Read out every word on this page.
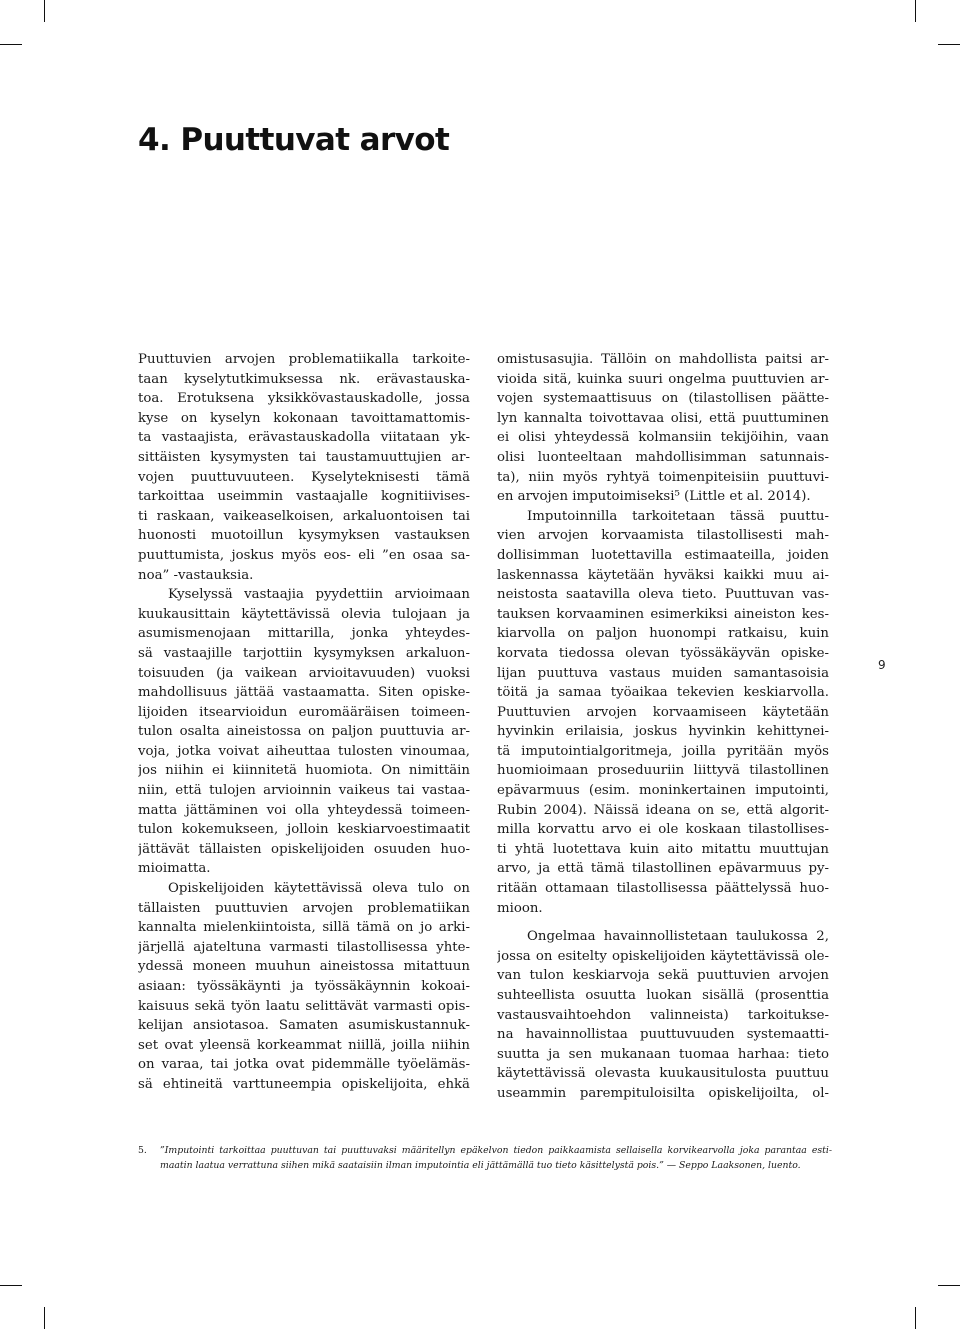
4. Puuttuvat arvot
Puuttuvien arvojen problematiikalla tarkoite-
taan kyselytutkimuksessa nk. erävastauska-
toa. Erotuksena yksikkövastauskadolle, jossa
kyse on kyselyn kokonaan tavoittamattomis-
ta vastaajista, erävastauskadolla viitataan yk-
sittäisten kysymysten tai taustamuuttujien ar-
vojen puuttuvuuteen. Kyselyteknisesti tämä
tarkoittaa useimmin vastaajalle kognitiivises-
ti raskaan, vaikeaselkoisen, arkaluontoisen tai
huonosti muotoillun kysymyksen vastauksen
puuttumista, joskus myös eos- eli ”en osaa sa-
noa” -vastauksia.
Kyselyssä vastaajia pyydettiin arvioimaan
kuukausittain käytettävissä olevia tulojaan ja
asumismenojaan mittarilla, jonka yhteydes-
sä vastaajille tarjottiin kysymyksen arkaluon-
toisuuden (ja vaikean arvioitavuuden) vuoksi
mahdollisuus jättää vastaamatta. Siten opiske-
lijoiden itsearvioidun euromääräisen toimeen-
tulon osalta aineistossa on paljon puuttuvia ar-
voja, jotka voivat aiheuttaa tulosten vinoumaa,
jos niihin ei kiinnitetä huomiota. On nimittäin
niin, että tulojen arvioinnin vaikeus tai vastaa-
matta jättäminen voi olla yhteydessä toimeen-
tulon kokemukseen, jolloin keskiarvoestimaatit
jättävät tällaisten opiskelijoiden osuuden huo-
mioimatta.
Opiskelijoiden käytettävissä oleva tulo on
tällaisten puuttuvien arvojen problematiikan
kannalta mielenkiintoista, sillä tämä on jo arki-
järjellä ajateltuna varmasti tilastollisessa yhte-
ydessä moneen muuhun aineistossa mitattuun
asiaan: työssäkäynti ja työssäkäynnin kokoai-
kaisuus sekä työn laatu selittävät varmasti opis-
kelijan ansiotasoa. Samaten asumiskustannuk-
set ovat yleensä korkeammat niillä, joilla niihin
on varaa, tai jotka ovat pidemmälle työelämäs-
sä ehtineitä varttuneempia opiskelijoita, ehkä
omistusasujia. Tällöin on mahdollista paitsi ar-
vioida sitä, kuinka suuri ongelma puuttuvien ar-
vojen systemaattisuus on (tilastollisen päätte-
lyn kannalta toivottavaa olisi, että puuttuminen
ei olisi yhteydessä kolmansiin tekijöihin, vaan
olisi luonteeltaan mahdollisimman satunnais-
ta), niin myös ryhtyä toimenpiteisiin puuttuvi-
en arvojen imputoimiseksi⁵ (Little et al. 2014).
Imputoinnilla tarkoitetaan tässä puuttu-
vien arvojen korvaamista tilastollisesti mah-
dollisimman luotettavilla estimaateilla, joiden
laskennassa käytetään hyväksi kaikki muu ai-
neistosta saatavilla oleva tieto. Puuttuvan vas-
tauksen korvaaminen esimerkiksi aineiston kes-
kiarvolla on paljon huonompi ratkaisu, kuin
korvata tiedossa olevan työssäkäyvän opiske-
lijan puuttuva vastaus muiden samantasoisia
töitä ja samaa työaikaa tekevien keskiarvolla.
Puuttuvien arvojen korvaamiseen käytetään
hyvinkin erilaisia, joskus hyvinkin kehittynei-
tä imputointialgoritmeja, joilla pyritään myös
huomioimaan proseduuriin liittyvä tilastollinen
epävarmuus (esim. moninkertainen imputointi,
Rubin 2004). Näissä ideana on se, että algorit-
milla korvattu arvo ei ole koskaan tilastollises-
ti yhtä luotettava kuin aito mitattu muuttujan
arvo, ja että tämä tilastollinen epävarmuus py-
ritään ottamaan tilastollisessa päättelyssä huo-
mioon.
Ongelmaa havainnollistetaan taulukossa 2,
jossa on esitelty opiskelijoiden käytettävissä ole-
van tulon keskiarvoja sekä puuttuvien arvojen
suhteellista osuutta luokan sisällä (prosenttia
vastausvaihtoehdon valinneista) tarkoitukse-
na havainnollistaa puuttuvuuden systemaatti-
suutta ja sen mukanaan tuomaa harhaa: tieto
käytettävissä olevasta kuukausitulosta puuttuu
useammin parempituloisilta opiskelijoilta, ol-
9
5.	”Imputointi tarkoittaa puuttuvan tai puuttuvaksi määritellyn epäkelvon tiedon paikkaamista sellaisella korvikearvolla joka parantaa esti-
maatin laatua verrattuna siihen mikä saataisiin ilman imputointia eli jättämällä tuo tieto käsittelystä pois.” — Seppo Laaksonen, luento.
